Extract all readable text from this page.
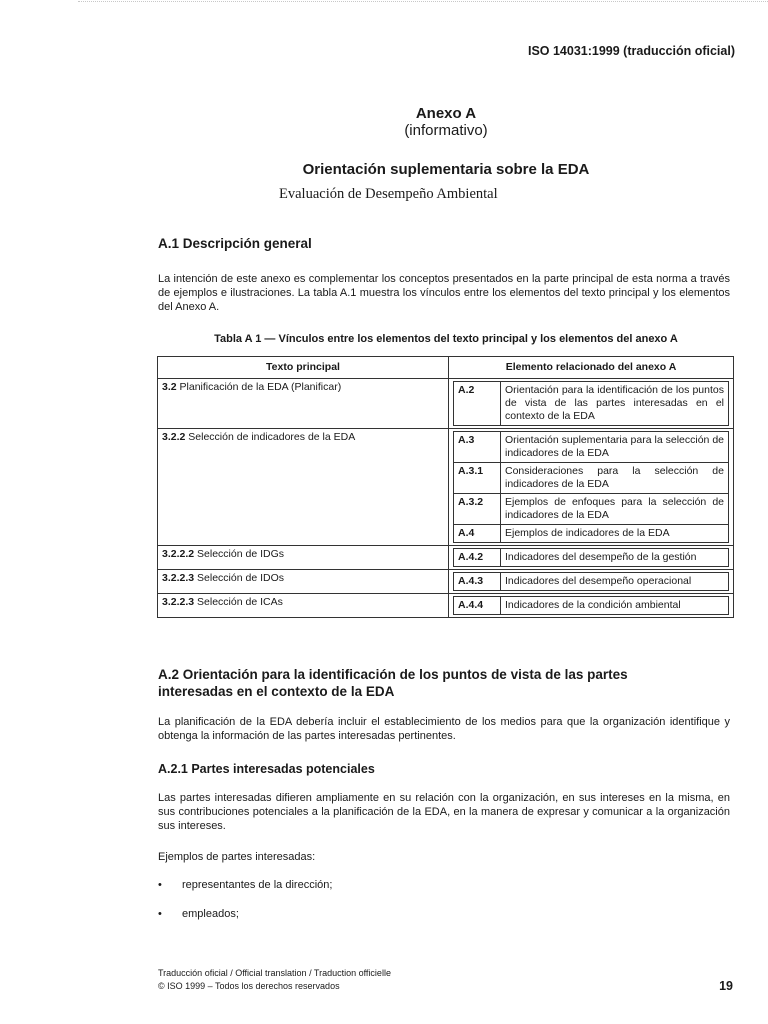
ISO 14031:1999 (traducción oficial)
Anexo A
(informativo)
Orientación suplementaria sobre la EDA
Evaluación de Desempeño Ambiental
A.1 Descripción general
La intención de este anexo es complementar los conceptos presentados en la parte principal de esta norma a través de ejemplos e ilustraciones. La tabla A.1 muestra los vínculos entre los elementos del texto principal y los elementos del Anexo A.
Tabla A 1 — Vínculos entre los elementos del texto principal y los elementos del anexo A
Texto principal	Elemento relacionado del anexo A
3.2 Planificación de la EDA (Planificar)		A.2	Orientación para la identificación de los puntos de vista de las partes interesadas en el contexto de la EDA

3.2.2 Selección de indicadores de la EDA		A.3	Orientación suplementaria para la selección de indicadores de la EDA
A.3.1	Consideraciones para la selección de indicadores de la EDA
A.3.2	Ejemplos de enfoques para la selección de indicadores de la EDA
A.4	Ejemplos de indicadores de la EDA

3.2.2.2 Selección de IDGs		A.4.2	Indicadores del desempeño de la gestión

3.2.2.3 Selección de IDOs		A.4.3	Indicadores del desempeño operacional

3.2.2.3 Selección de ICAs		A.4.4	Indicadores de la condición ambiental
A.2 Orientación para la identificación de los puntos de vista de las partes
interesadas en el contexto de la EDA
La planificación de la EDA debería incluir el establecimiento de los medios para que la organización identifique y obtenga la información de las partes interesadas pertinentes.
A.2.1 Partes interesadas potenciales
Las partes interesadas difieren ampliamente en su relación con la organización, en sus intereses en la misma, en sus contribuciones potenciales a la planificación de la EDA, en la manera de expresar y comunicar a la organización sus intereses.
Ejemplos de partes interesadas:
• representantes de la dirección;
• empleados;
Traducción oficial / Official translation / Traduction officielle
© ISO 1999 – Todos los derechos reservados	19
